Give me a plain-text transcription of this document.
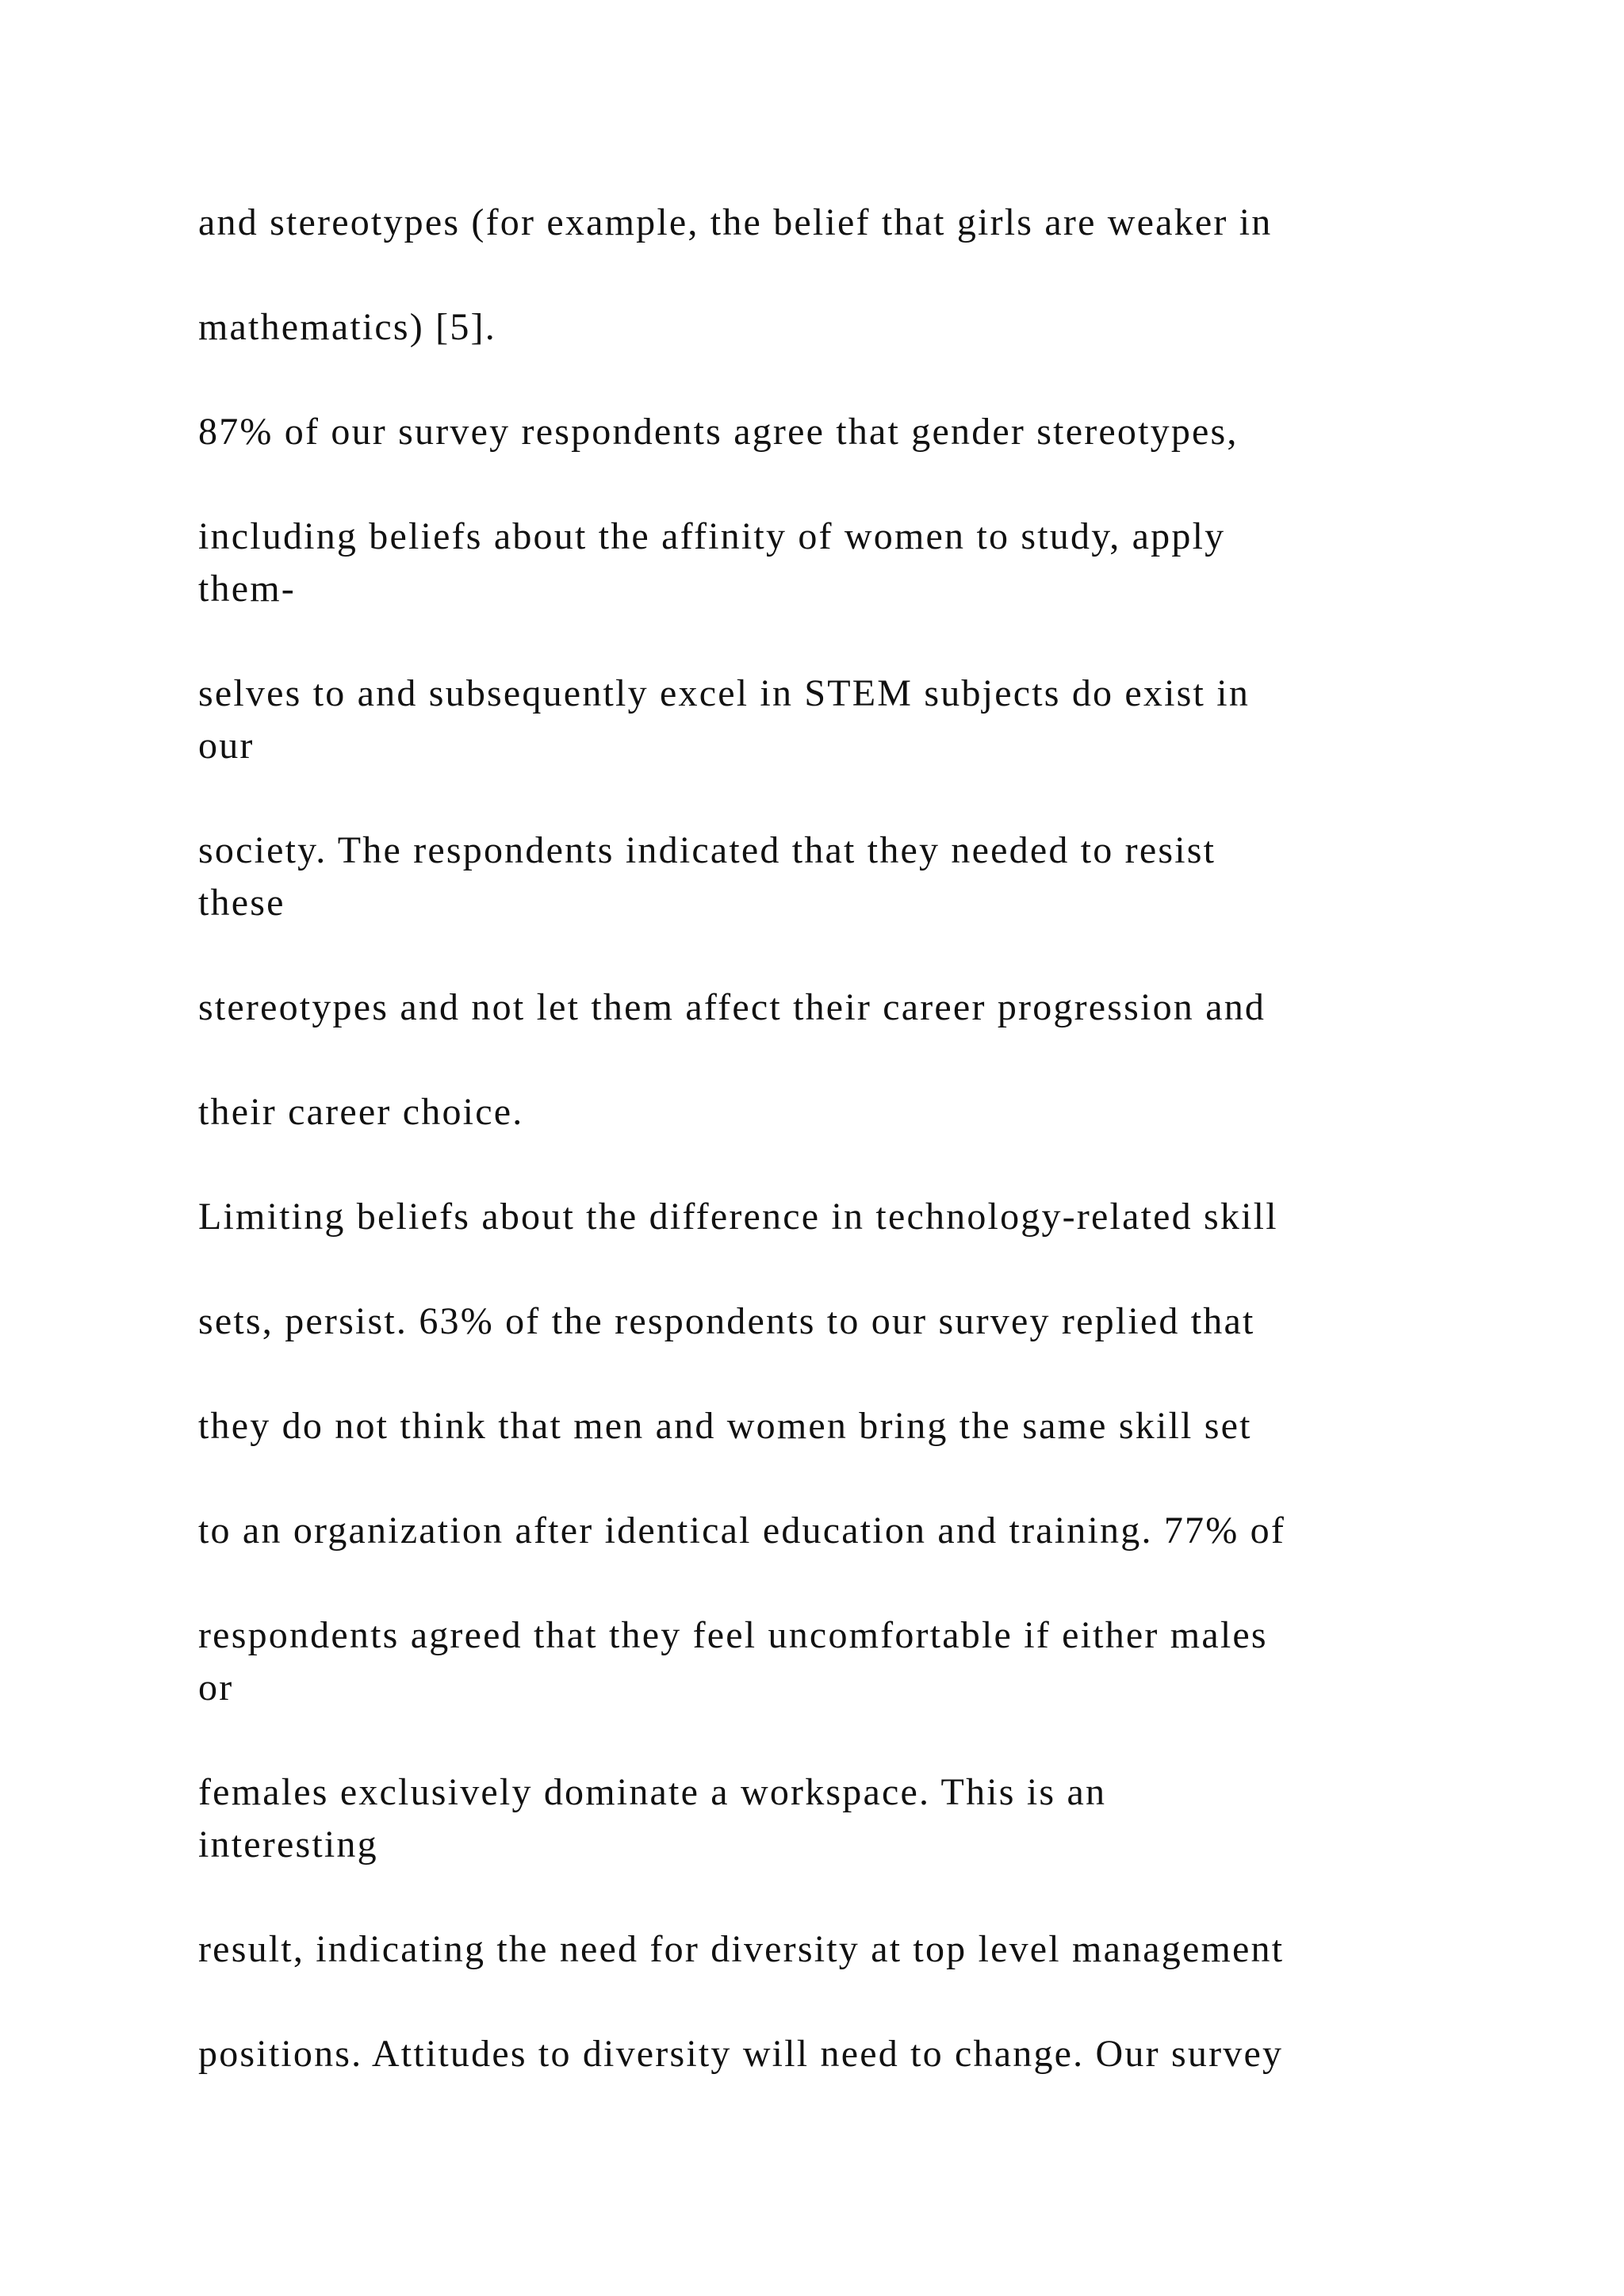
and stereotypes (for example, the belief that girls are weaker in

mathematics) [5].

87% of our survey respondents agree that gender stereotypes,

including beliefs about the affinity of women to study, apply

them-

selves to and subsequently excel in STEM subjects do exist in

our

society. The respondents indicated that they needed to resist

these

stereotypes and not let them affect their career progression and

their career choice.

Limiting beliefs about the difference in technology-related skill

sets, persist. 63% of the respondents to our survey replied that

they do not think that men and women bring the same skill set

to an organization after identical education and training. 77% of

respondents agreed that they feel uncomfortable if either males

or

females exclusively dominate a workspace. This is an

interesting

result, indicating the need for diversity at top level management

positions. Attitudes to diversity will need to change. Our survey
